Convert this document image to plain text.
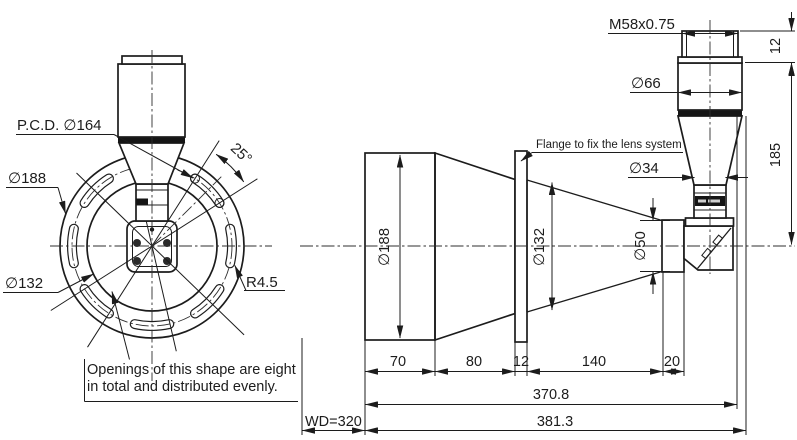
25°
P.C.D. ∅164
∅188
∅132	R4.5
Openings of this shape are eight
in total and distributed evenly.
M58x0.75
∅66
12
185
Flange to fix the lens system
∅34
∅188	∅132	∅50
70	80 12	140	20
370.8
WD=320	381.3
